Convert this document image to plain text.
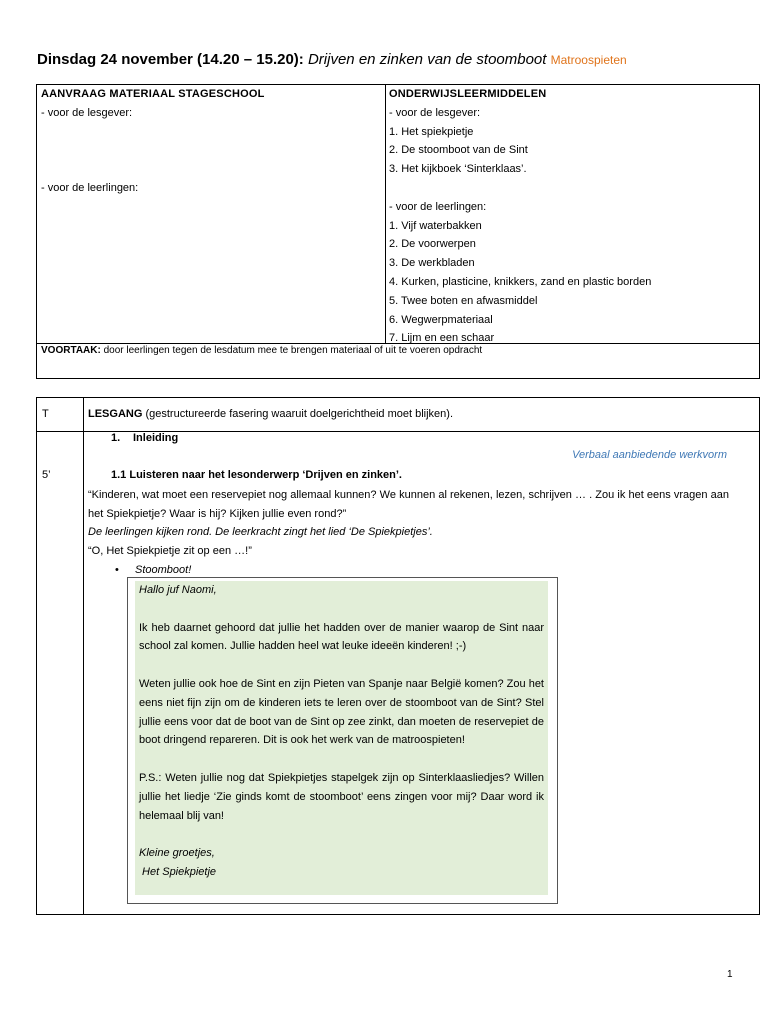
Dinsdag 24 november (14.20 – 15.20): Drijven en zinken van de stoomboot Matroospieten
AANVRAAG MATERIAAL STAGESCHOOL
- voor de lesgever:
- voor de leerlingen:
ONDERWIJSLEERMIDDELEN
- voor de lesgever:
1. Het spiekpietje
2. De stoomboot van de Sint
3. Het kijkboek ‘Sinterklaas’.
- voor de leerlingen:
1. Vijf waterbakken
2. De voorwerpen
3. De werkbladen
4. Kurken, plasticine, knikkers, zand en plastic borden
5. Twee boten en afwasmiddel
6. Wegwerpmateriaal
7. Lijm en een schaar
VOORTAAK: door leerlingen tegen de lesdatum mee te brengen materiaal of uit te voeren opdracht
T	LESGANG (gestructureerde fasering waaruit doelgerichtheid moet blijken).
5’
1. Inleiding
Verbaal aanbiedende werkvorm
1.1 Luisteren naar het lesonderwerp ‘Drijven en zinken’.
“Kinderen, wat moet een reservepiet nog allemaal kunnen? We kunnen al rekenen, lezen, schrijven … . Zou ik het eens vragen aan het Spiekpietje? Waar is hij? Kijken jullie even rond?”
De leerlingen kijken rond. De leerkracht zingt het lied ‘De Spiekpietjes’.
“O, Het Spiekpietje zit op een …!”
• Stoomboot!

Hallo juf Naomi,

Ik heb daarnet gehoord dat jullie het hadden over de manier waarop de Sint naar school zal komen. Jullie hadden heel wat leuke ideeën kinderen! ;-)

Weten jullie ook hoe de Sint en zijn Pieten van Spanje naar België komen? Zou het eens niet fijn zijn om de kinderen iets te leren over de stoomboot van de Sint? Stel jullie eens voor dat de boot van de Sint op zee zinkt, dan moeten de reservepiet de boot dringend repareren. Dit is ook het werk van de matroospieten!

P.S.: Weten jullie nog dat Spiekpietjes stapelgek zijn op Sinterklaasliedjes? Willen jullie het liedje ‘Zie ginds komt de stoomboot’ eens zingen voor mij? Daar word ik helemaal blij van!

Kleine groetjes,

Het Spiekpietje

1
